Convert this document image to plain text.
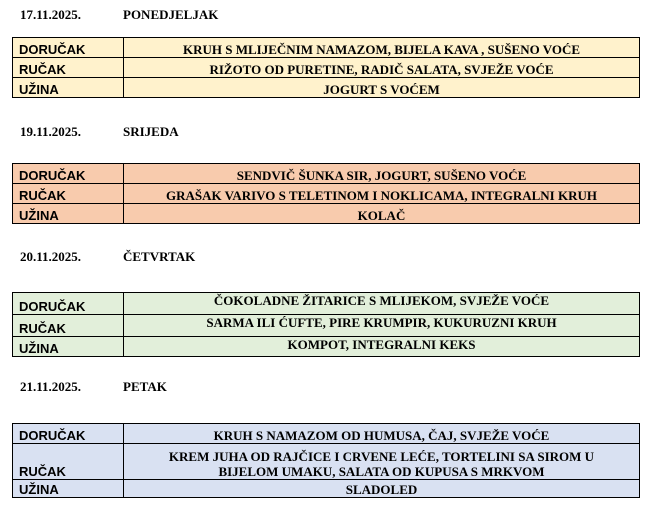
17.11.2025.	PONEDJELJAK
DORUČAK	KRUH S MLIJEČNIM NAMAZOM, BIJELA KAVA , SUŠENO VOĆE
RUČAK	RIŽOTO OD PURETINE, RADIČ SALATA, SVJEŽE VOĆE
UŽINA	JOGURT S VOĆEM
19.11.2025.	SRIJEDA
DORUČAK	SENDVIČ ŠUNKA SIR, JOGURT, SUŠENO VOĆE
RUČAK	GRAŠAK VARIVO S TELETINOM I NOKLICAMA, INTEGRALNI KRUH
UŽINA	KOLAČ
20.11.2025.	ČETVRTAK
DORUČAK	ČOKOLADNE ŽITARICE S MLIJEKOM, SVJEŽE VOĆE
RUČAK	SARMA ILI ĆUFTE, PIRE KRUMPIR, KUKURUZNI KRUH
UŽINA	KOMPOT, INTEGRALNI KEKS
21.11.2025.	PETAK
DORUČAK	KRUH S NAMAZOM OD HUMUSA, ČAJ, SVJEŽE VOĆE
RUČAK	KREM JUHA OD RAJČICE I CRVENE LEĆE, TORTELINI SA SIROM U
BIJELOM UMAKU, SALATA OD KUPUSA S MRKVOM

UŽINA	SLADOLED
